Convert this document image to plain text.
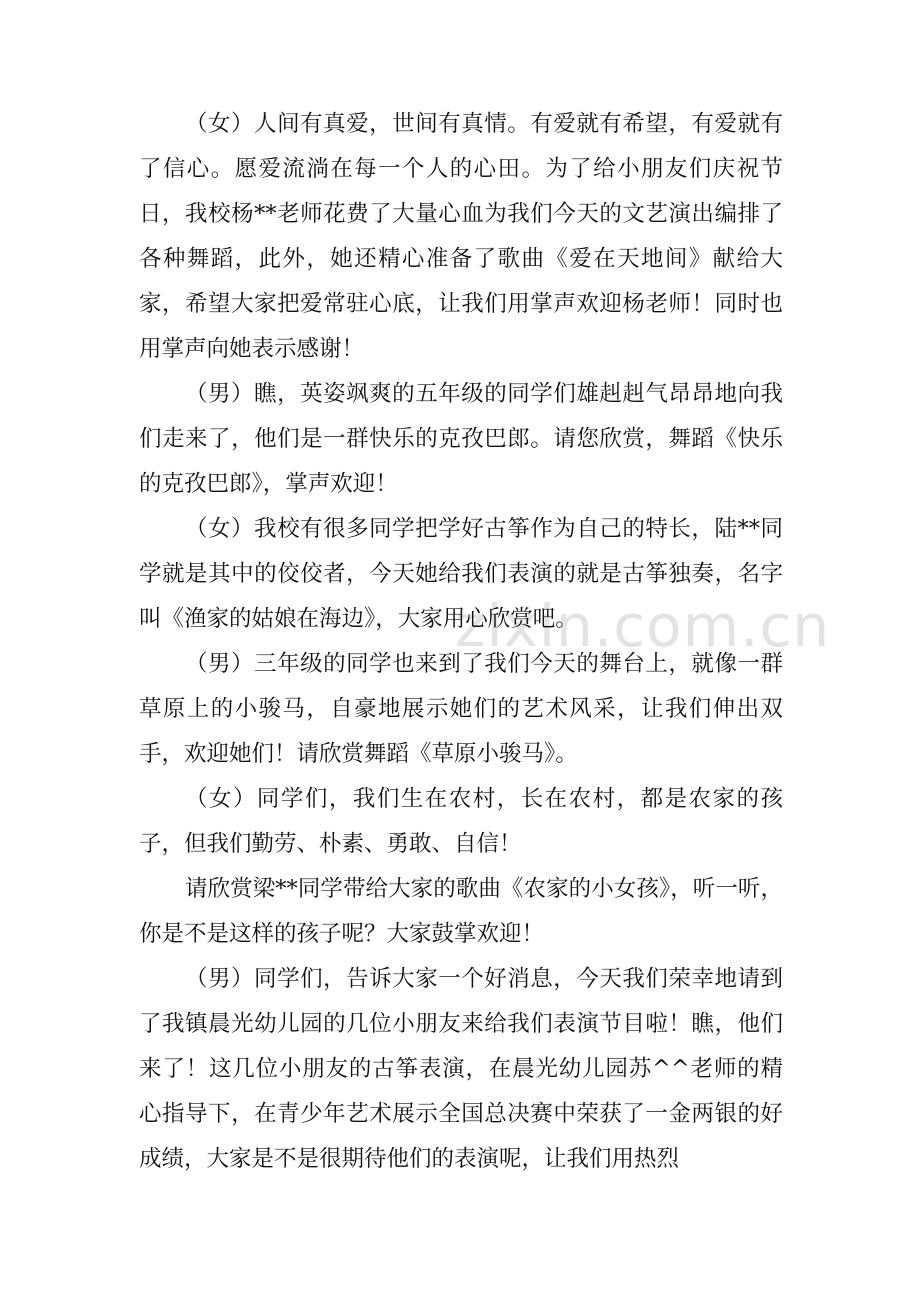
zixin.com.cn

（女）人间有真爱，世间有真情。有爱就有希望，有爱就有了信心。愿爱流淌在每一个人的心田。为了给小朋友们庆祝节日，我校杨**老师花费了大量心血为我们今天的文艺演出编排了各种舞蹈，此外，她还精心准备了歌曲《爱在天地间》献给大家，希望大家把爱常驻心底，让我们用掌声欢迎杨老师！同时也用掌声向她表示感谢！

（男）瞧，英姿飒爽的五年级的同学们雄赳赳气昂昂地向我们走来了，他们是一群快乐的克孜巴郎。请您欣赏，舞蹈《快乐的克孜巴郎》，掌声欢迎！

（女）我校有很多同学把学好古筝作为自己的特长，陆**同学就是其中的佼佼者，今天她给我们表演的就是古筝独奏，名字叫《渔家的姑娘在海边》，大家用心欣赏吧。

（男）三年级的同学也来到了我们今天的舞台上，就像一群草原上的小骏马，自豪地展示她们的艺术风采，让我们伸出双手，欢迎她们！请欣赏舞蹈《草原小骏马》。

（女）同学们，我们生在农村，长在农村，都是农家的孩子，但我们勤劳、朴素、勇敢、自信！

请欣赏梁**同学带给大家的歌曲《农家的小女孩》，听一听，你是不是这样的孩子呢？大家鼓掌欢迎！

（男）同学们，告诉大家一个好消息，今天我们荣幸地请到了我镇晨光幼儿园的几位小朋友来给我们表演节目啦！瞧，他们来了！这几位小朋友的古筝表演，在晨光幼儿园苏^^老师的精心指导下，在青少年艺术展示全国总决赛中荣获了一金两银的好成绩，大家是不是很期待他们的表演呢，让我们用热烈
